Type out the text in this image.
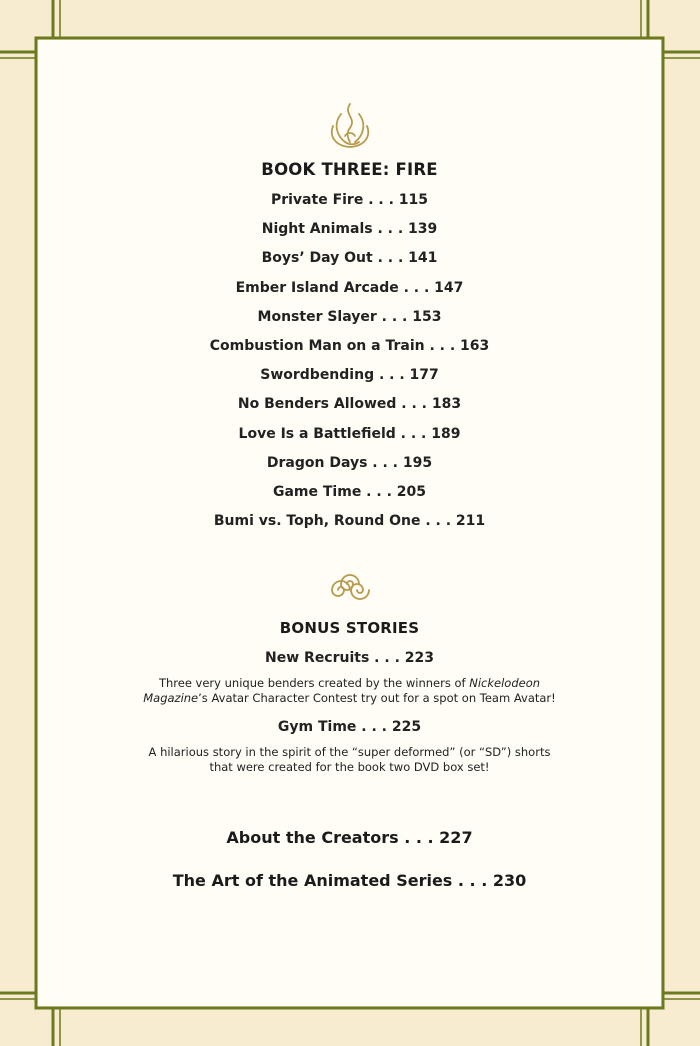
BOOK THREE: FIRE
Private Fire . . . 115
Night Animals . . . 139
Boys’ Day Out . . . 141
Ember Island Arcade . . . 147
Monster Slayer . . . 153
Combustion Man on a Train . . . 163
Swordbending . . . 177
No Benders Allowed . . . 183
Love Is a Battlefield . . . 189
Dragon Days . . . 195
Game Time . . . 205
Bumi vs. Toph, Round One . . . 211
BONUS STORIES
New Recruits . . . 223
Three very unique benders created by the winners of Nickelodeon Magazine’s Avatar Character Contest try out for a spot on Team Avatar!
Gym Time . . . 225
A hilarious story in the spirit of the “super deformed” (or “SD”) shorts that were created for the book two DVD box set!
About the Creators . . . 227
The Art of the Animated Series . . . 230
